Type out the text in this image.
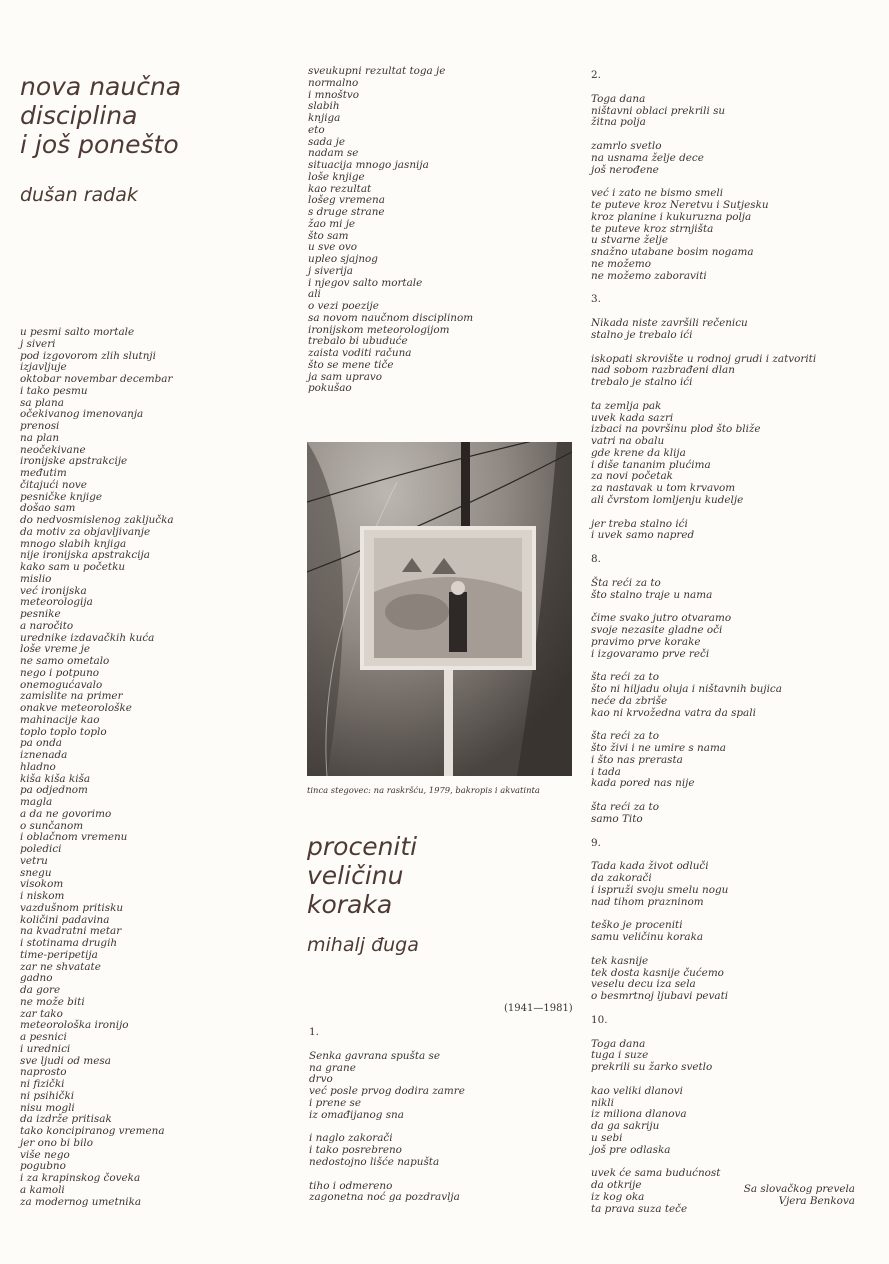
nova naučna
disciplina
i još ponešto
dušan radak
u pesmi salto mortale
j siveri
pod izgovorom zlih slutnji
izjavljuje
oktobar novembar decembar
i tako pesmu
sa plana
očekivanog imenovanja
prenosi
na plan
neočekivane
ironijske apstrakcije
međutim
čitajući nove
pesničke knjige
došao sam
do nedvosmislenog zaključka
da motiv za objavljivanje
mnogo slabih knjiga
nije ironijska apstrakcija
kako sam u početku
mislio
već ironijska
meteorologija
pesnike
a naročito
urednike izdavačkih kuća
loše vreme je
ne samo ometalo
nego i potpuno
onemogućavalo
zamislite na primer
onakve meteorološke
mahinacije kao
toplo toplo toplo
pa onda
iznenada
hladno
kiša kiša kiša
pa odjednom
magla
a da ne govorimo
o sunčanom
i oblačnom vremenu
poledici
vetru
snegu
visokom
i niskom
vazdušnom pritisku
količini padavina
na kvadratni metar
i stotinama drugih
time-peripetija
zar ne shvatate
gadno
da gore
ne može biti
zar tako
meteorološka ironijo
a pesnici
i urednici
sve ljudi od mesa
naprosto
ni fizički
ni psihički
nisu mogli
da izdrže pritisak
tako koncipiranog vremena
jer ono bi bilo
više nego
pogubno
i za krapinskog čoveka
a kamoli
za modernog umetnika
sveukupni rezultat toga je
normalno
i mnoštvo
slabih
knjiga
eto
sada je
nadam se
situacija mnogo jasnija
loše knjige
kao rezultat
lošeg vremena
s druge strane
žao mi je
što sam
u sve ovo
upleo sjajnog
j siverija
i njegov salto mortale
ali
o vezi poezije
sa novom naučnom disciplinom
ironijskom meteorologijom
trebalo bi ubuduće
zaista voditi računa
što se mene tiče
ja sam upravo
pokušao
tinca stegovec: na raskršću, 1979, bakropis i akvatinta
proceniti
veličinu
koraka
mihalj đuga
(1941—1981)
1.
Senka gavrana spušta se
na grane
drvo
već posle prvog dodira zamre
i prene se
iz omađijanog sna
i naglo zakorači
i tako posrebreno
nedostojno lišće napušta
tiho i odmereno
zagonetna noć ga pozdravlja
2.
Toga dana
ništavni oblaci prekrili su
žitna polja
zamrlo svetlo
na usnama želje dece
još nerođene
već i zato ne bismo smeli
te puteve kroz Neretvu i Sutjesku
kroz planine i kukuruzna polja
te puteve kroz strnjišta
u stvarne želje
snažno utabane bosim nogama
ne možemo
ne možemo zaboraviti
3.
Nikada niste završili rečenicu
stalno je trebalo ići
iskopati skrovište u rodnoj grudi i zatvoriti
nad sobom razbrađeni dlan
trebalo je stalno ići
ta zemlja pak
uvek kada sazri
izbaci na površinu plod što bliže
vatri na obalu
gde krene da klija
i diše tananim plućima
za novi početak
za nastavak u tom krvavom
ali čvrstom lomljenju kudelje
jer treba stalno ići
i uvek samo napred
8.
Šta reći za to
što stalno traje u nama
čime svako jutro otvaramo
svoje nezasite gladne oči
pravimo prve korake
i izgovaramo prve reči
šta reći za to
što ni hiljadu oluja i ništavnih bujica
neće da zbriše
kao ni krvožedna vatra da spali
šta reći za to
što živi i ne umire s nama
i što nas prerasta
i tada
kada pored nas nije
šta reći za to
samo Tito
9.
Tada kada život odluči
da zakorači
i ispruži svoju smelu nogu
nad tihom prazninom
teško je proceniti
samu veličinu koraka
tek kasnije
tek dosta kasnije čućemo
veselu decu iza sela
o besmrtnoj ljubavi pevati
10.
Toga dana
tuga i suze
prekrili su žarko svetlo
kao veliki dlanovi
nikli
iz miliona dlanova
da ga sakriju
u sebi
još pre odlaska
uvek će sama budućnost
da otkrije
iz kog oka
ta prava suza teče
Sa slovačkog prevela
Vjera Benkova
